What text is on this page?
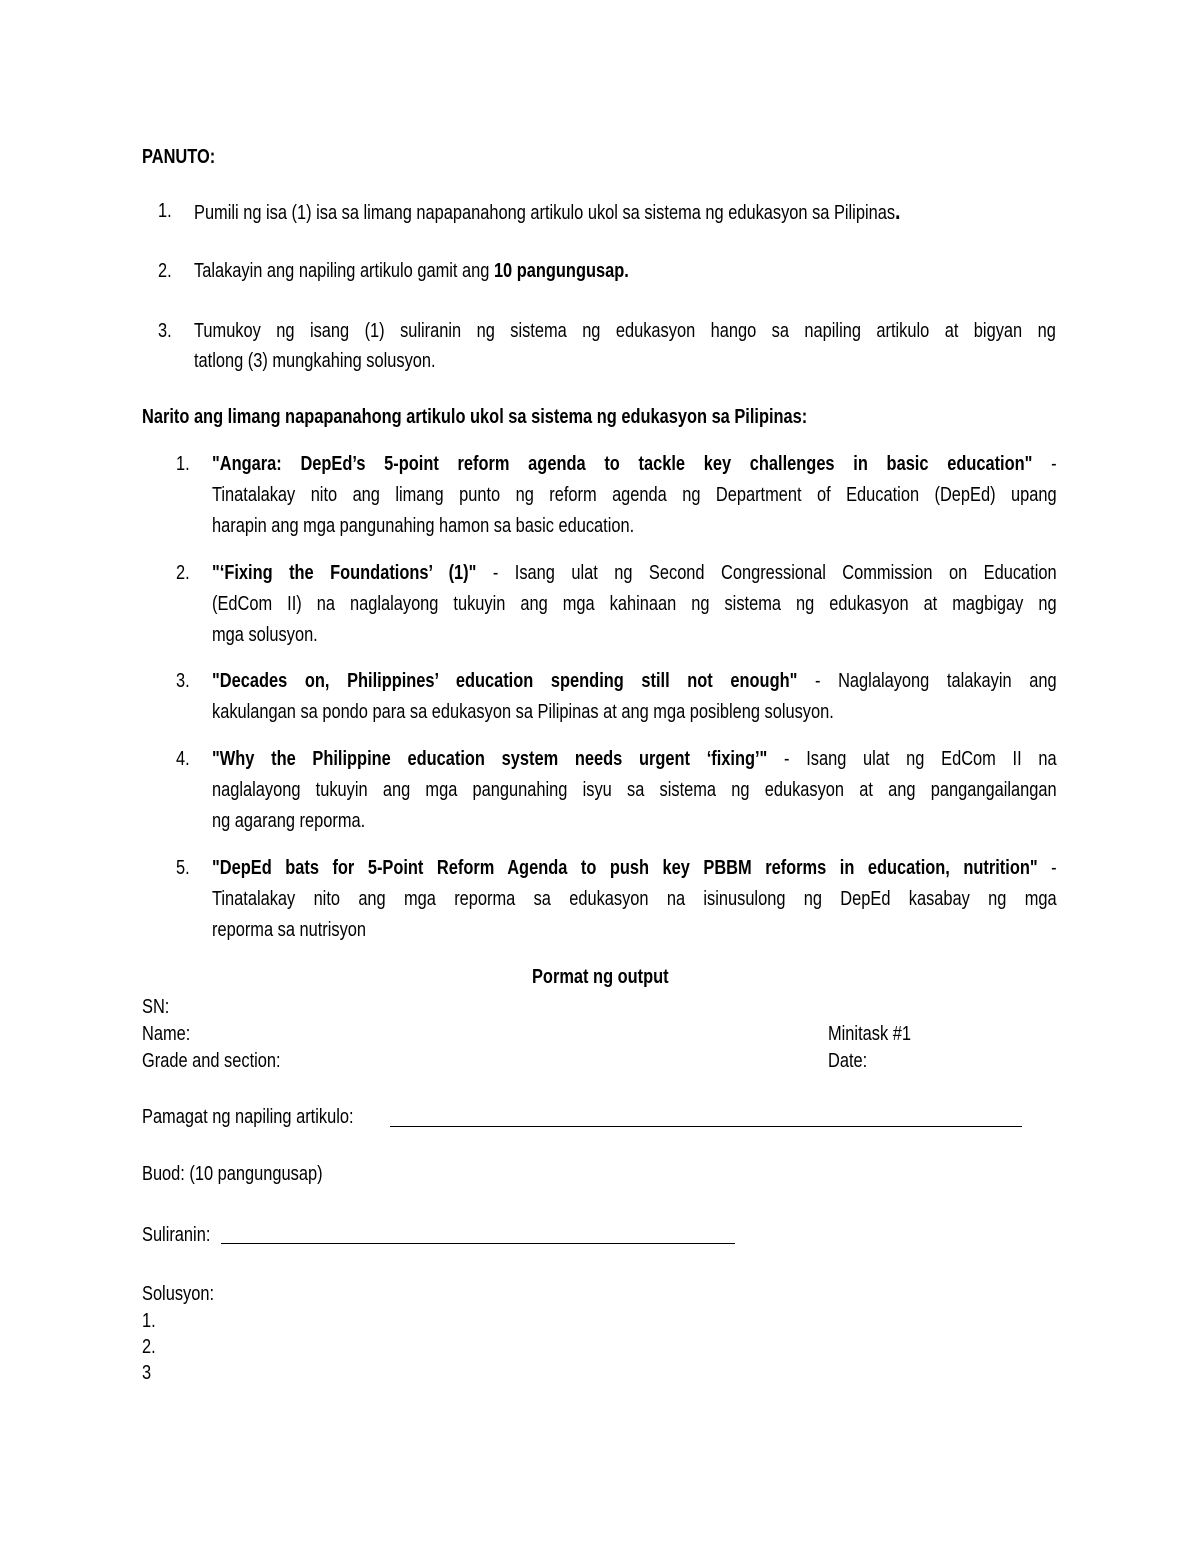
PANUTO:
1.	Pumili ng isa (1) isa sa limang napapanahong artikulo ukol sa sistema ng edukasyon sa Pilipinas.
2.	Talakayin ang napiling artikulo gamit ang 10 pangungusap.
3.	Tumukoy ng isang (1) suliranin ng sistema ng edukasyon hango sa napiling artikulo at bigyan ng
tatlong (3) mungkahing solusyon.
Narito ang limang napapanahong artikulo ukol sa sistema ng edukasyon sa Pilipinas:
1.	"Angara: DepEd’s 5-point reform agenda to tackle key challenges in basic education" -
Tinatalakay nito ang limang punto ng reform agenda ng Department of Education (DepEd) upang
harapin ang mga pangunahing hamon sa basic education.
2.	"‘Fixing the Foundations’ (1)" - Isang ulat ng Second Congressional Commission on Education
(EdCom II) na naglalayong tukuyin ang mga kahinaan ng sistema ng edukasyon at magbigay ng
mga solusyon.
3.	"Decades on, Philippines’ education spending still not enough" - Naglalayong talakayin ang
kakulangan sa pondo para sa edukasyon sa Pilipinas at ang mga posibleng solusyon.
4.	"Why the Philippine education system needs urgent ‘fixing’" - Isang ulat ng EdCom II na
naglalayong tukuyin ang mga pangunahing isyu sa sistema ng edukasyon at ang pangangailangan
ng agarang reporma.
5.	"DepEd bats for 5-Point Reform Agenda to push key PBBM reforms in education, nutrition" -
Tinatalakay nito ang mga reporma sa edukasyon na isinusulong ng DepEd kasabay ng mga
reporma sa nutrisyon
Pormat ng output
SN:
Name:	Minitask #1
Grade and section:	Date:
Pamagat ng napiling artikulo:
Buod: (10 pangungusap)
Suliranin:
Solusyon:
1.
2.
3
